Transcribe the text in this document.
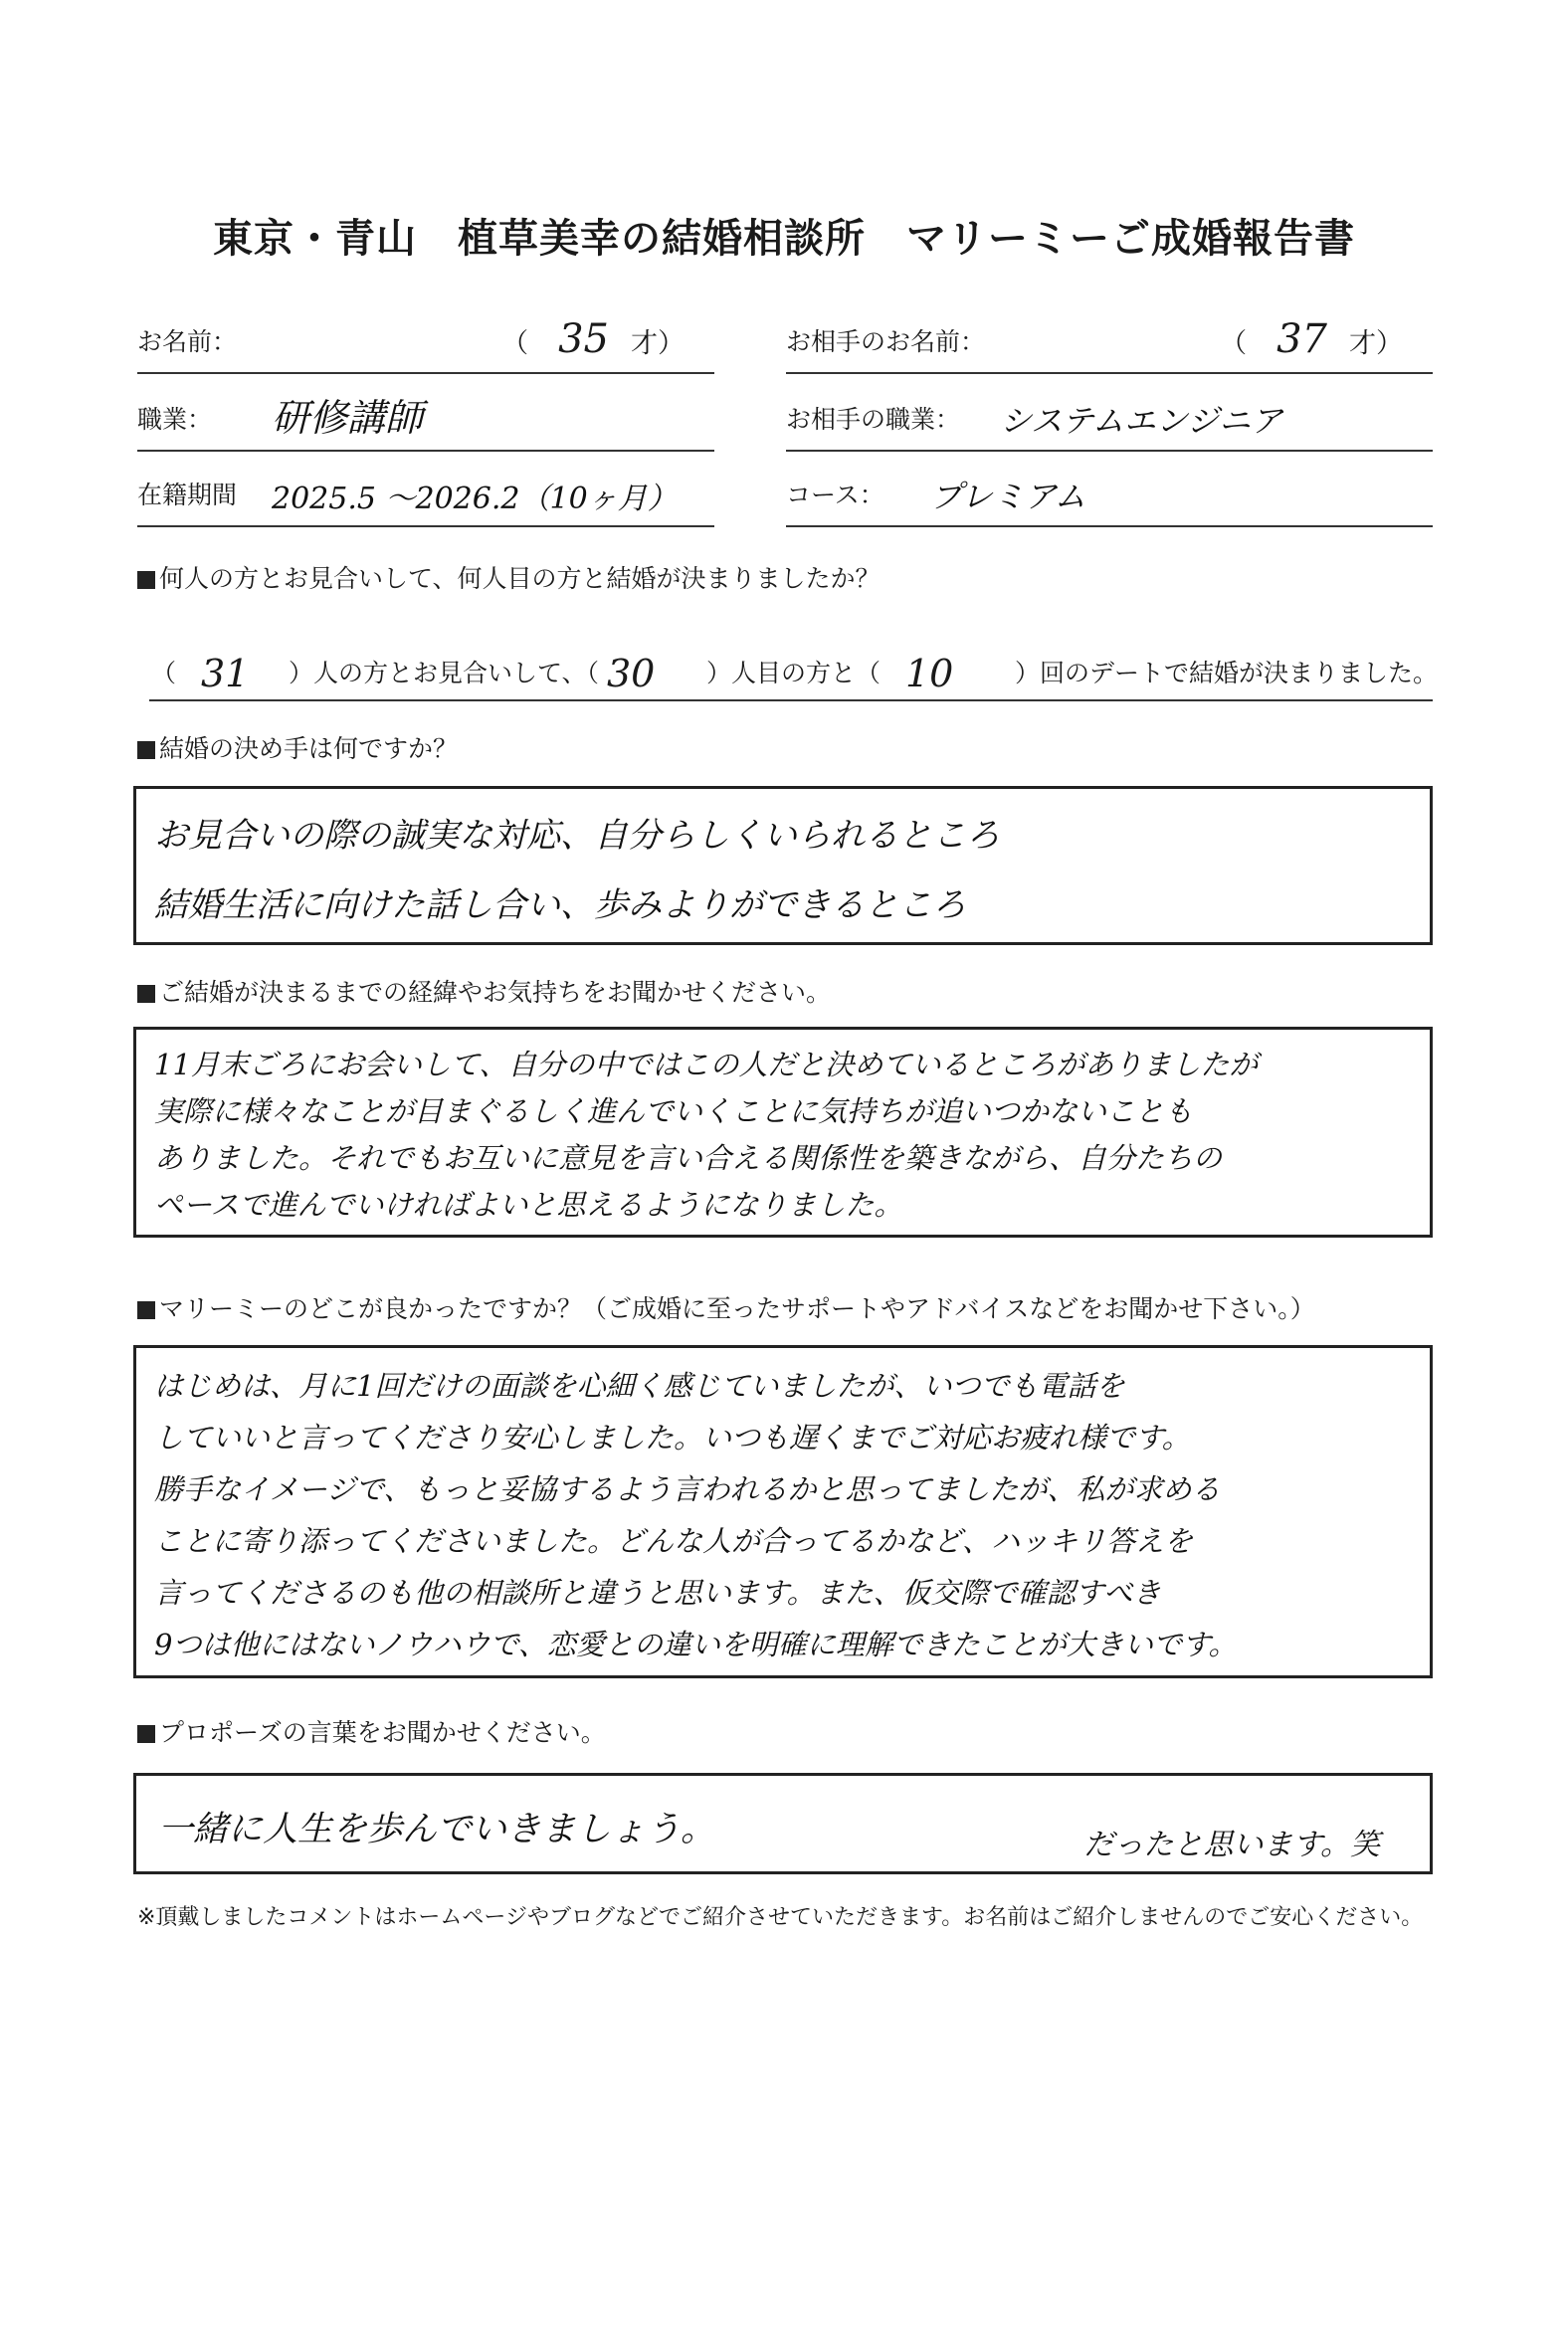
東京・青山　植草美幸の結婚相談所　マリーミーご成婚報告書
お名前：	（ 35 才）	お相手のお名前：	（ 37 才）
職業： 研修講師	お相手の職業： システムエンジニア
在籍期間 2025.5 〜2026.2（10ヶ月）	コース： プレミアム
何人の方とお見合いして、何人目の方と結婚が決まりましたか？
（ 31 ）人の方とお見合いして、（ 30 ）人目の方と（ 10 ）回のデートで結婚が決まりました。
結婚の決め手は何ですか？
お見合いの際の誠実な対応、自分らしくいられるところ
結婚生活に向けた話し合い、歩みよりができるところ
ご結婚が決まるまでの経緯やお気持ちをお聞かせください。
11月末ごろにお会いして、自分の中ではこの人だと決めているところがありましたが
実際に様々なことが目まぐるしく進んでいくことに気持ちが追いつかないことも
ありました。それでもお互いに意見を言い合える関係性を築きながら、自分たちの
ペースで進んでいければよいと思えるようになりました。
マリーミーのどこが良かったですか？（ご成婚に至ったサポートやアドバイスなどをお聞かせ下さい。）
はじめは、月に1回だけの面談を心細く感じていましたが、いつでも電話を
していいと言ってくださり安心しました。いつも遅くまでご対応お疲れ様です。
勝手なイメージで、もっと妥協するよう言われるかと思ってましたが、私が求める
ことに寄り添ってくださいました。どんな人が合ってるかなど、ハッキリ答えを
言ってくださるのも他の相談所と違うと思います。また、仮交際で確認すべき
9つは他にはないノウハウで、恋愛との違いを明確に理解できたことが大きいです。
プロポーズの言葉をお聞かせください。
一緒に人生を歩んでいきましょう。	だったと思います。笑
※頂戴しましたコメントはホームページやブログなどでご紹介させていただきます。お名前はご紹介しませんのでご安心ください。
